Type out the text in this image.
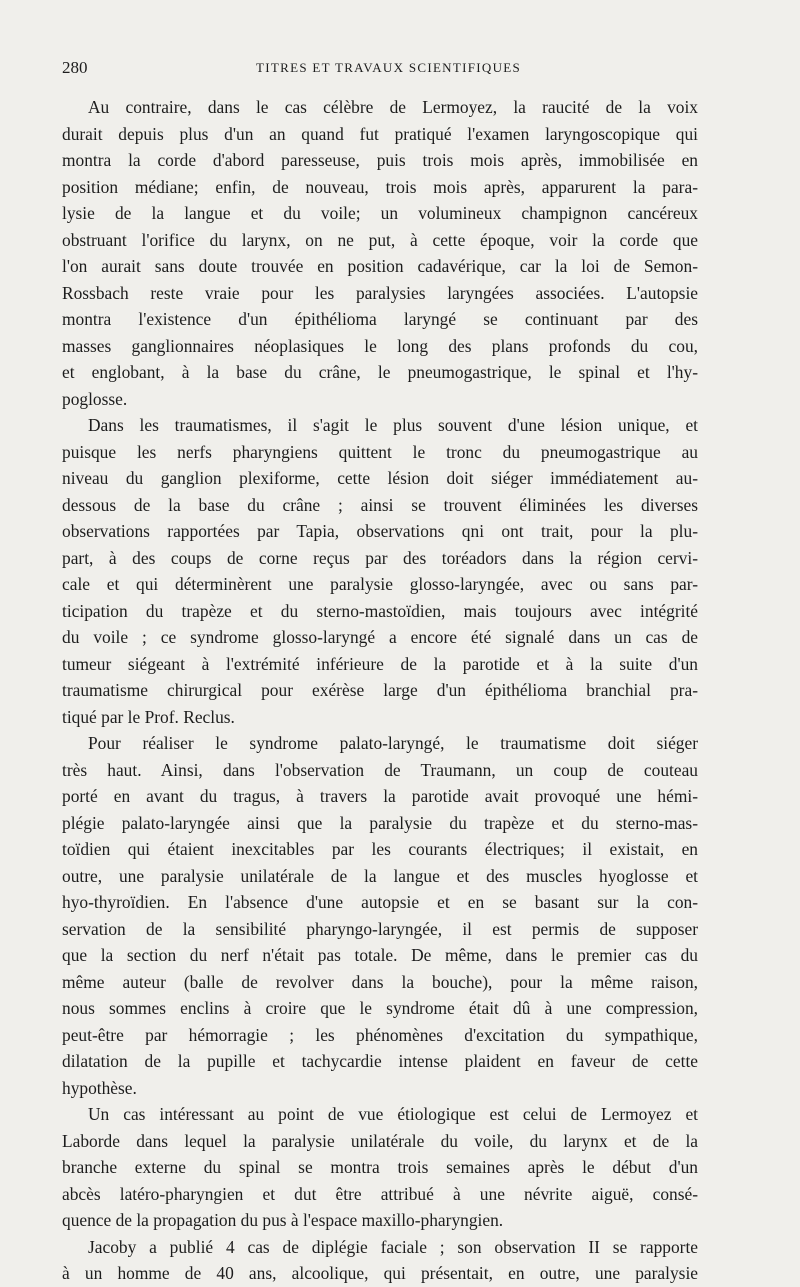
280	TITRES ET TRAVAUX SCIENTIFIQUES

Au contraire, dans le cas célèbre de Lermoyez, la raucité de la voix
durait depuis plus d'un an quand fut pratiqué l'examen laryngoscopique qui
montra la corde d'abord paresseuse, puis trois mois après, immobilisée en
position médiane; enfin, de nouveau, trois mois après, apparurent la para-
lysie de la langue et du voile; un volumineux champignon cancéreux
obstruant l'orifice du larynx, on ne put, à cette époque, voir la corde que
l'on aurait sans doute trouvée en position cadavérique, car la loi de Semon-
Rossbach reste vraie pour les paralysies laryngées associées. L'autopsie
montra l'existence d'un épithélioma laryngé se continuant par des
masses ganglionnaires néoplasiques le long des plans profonds du cou,
et englobant, à la base du crâne, le pneumogastrique, le spinal et l'hy-
poglosse.

Dans les traumatismes, il s'agit le plus souvent d'une lésion unique, et
puisque les nerfs pharyngiens quittent le tronc du pneumogastrique au
niveau du ganglion plexiforme, cette lésion doit siéger immédiatement au-
dessous de la base du crâne ; ainsi se trouvent éliminées les diverses
observations rapportées par Tapia, observations qni ont trait, pour la plu-
part, à des coups de corne reçus par des toréadors dans la région cervi-
cale et qui déterminèrent une paralysie glosso-laryngée, avec ou sans par-
ticipation du trapèze et du sterno-mastoïdien, mais toujours avec intégrité
du voile ; ce syndrome glosso-laryngé a encore été signalé dans un cas de
tumeur siégeant à l'extrémité inférieure de la parotide et à la suite d'un
traumatisme chirurgical pour exérèse large d'un épithélioma branchial pra-
tiqué par le Prof. Reclus.

Pour réaliser le syndrome palato-laryngé, le traumatisme doit siéger
très haut. Ainsi, dans l'observation de Traumann, un coup de couteau
porté en avant du tragus, à travers la parotide avait provoqué une hémi-
plégie palato-laryngée ainsi que la paralysie du trapèze et du sterno-mas-
toïdien qui étaient inexcitables par les courants électriques; il existait, en
outre, une paralysie unilatérale de la langue et des muscles hyoglosse et
hyo-thyroïdien. En l'absence d'une autopsie et en se basant sur la con-
servation de la sensibilité pharyngo-laryngée, il est permis de supposer
que la section du nerf n'était pas totale. De même, dans le premier cas du
même auteur (balle de revolver dans la bouche), pour la même raison,
nous sommes enclins à croire que le syndrome était dû à une compression,
peut-être par hémorragie ; les phénomènes d'excitation du sympathique,
dilatation de la pupille et tachycardie intense plaident en faveur de cette
hypothèse.

Un cas intéressant au point de vue étiologique est celui de Lermoyez et
Laborde dans lequel la paralysie unilatérale du voile, du larynx et de la
branche externe du spinal se montra trois semaines après le début d'un
abcès latéro-pharyngien et dut être attribué à une névrite aiguë, consé-
quence de la propagation du pus à l'espace maxillo-pharyngien.

Jacoby a publié 4 cas de diplégie faciale ; son observation II se rapporte
à un homme de 40 ans, alcoolique, qui présentait, en outre, une paralysie
